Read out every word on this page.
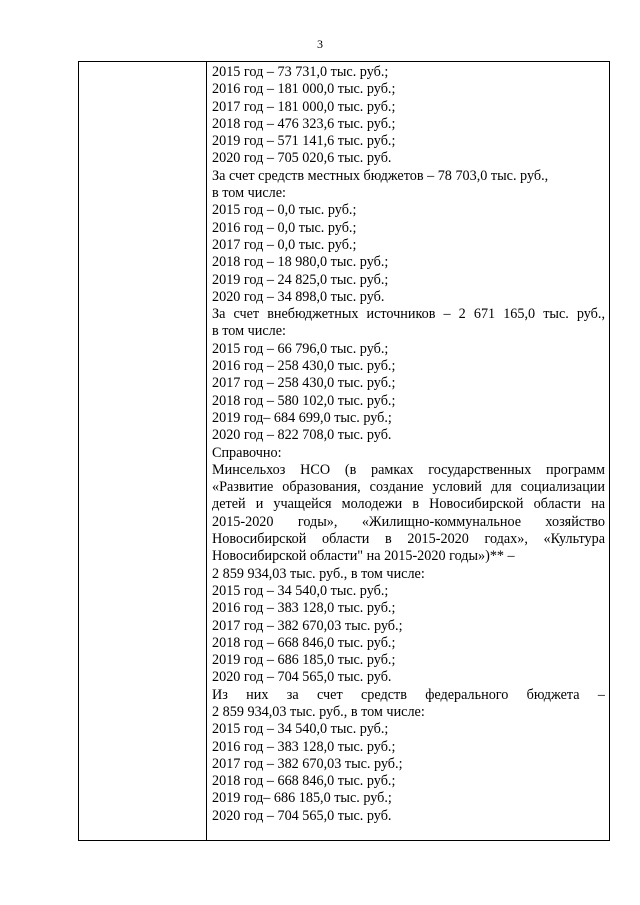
3
2015 год – 73 731,0 тыс. руб.;
2016 год – 181 000,0 тыс. руб.;
2017 год – 181 000,0 тыс. руб.;
2018 год – 476 323,6 тыс. руб.;
2019 год – 571 141,6 тыс. руб.;
2020 год – 705 020,6 тыс. руб.
За счет средств местных бюджетов – 78 703,0 тыс. руб.,
в том числе:
2015 год – 0,0 тыс. руб.;
2016 год – 0,0 тыс. руб.;
2017 год – 0,0 тыс. руб.;
2018 год – 18 980,0 тыс. руб.;
2019 год – 24 825,0 тыс. руб.;
2020 год – 34 898,0 тыс. руб.
За счет внебюджетных источников – 2 671 165,0 тыс. руб.,
в том числе:
2015 год – 66 796,0 тыс. руб.;
2016 год – 258 430,0 тыс. руб.;
2017 год – 258 430,0 тыс. руб.;
2018 год – 580 102,0 тыс. руб.;
2019 год– 684 699,0 тыс. руб.;
2020 год – 822 708,0 тыс. руб.
Справочно:
Минсельхоз НСО (в рамках государственных программ
«Развитие образования, создание условий для социализации
детей и учащейся молодежи в Новосибирской области на
2015-2020 годы», «Жилищно-коммунальное хозяйство
Новосибирской области в 2015-2020 годах», «Культура
Новосибирской области" на 2015-2020 годы»)** –
2 859 934,03 тыс. руб., в том числе:
2015 год – 34 540,0 тыс. руб.;
2016 год – 383 128,0 тыс. руб.;
2017 год – 382 670,03 тыс. руб.;
2018 год – 668 846,0 тыс. руб.;
2019 год – 686 185,0 тыс. руб.;
2020 год – 704 565,0 тыс. руб.
Из них за счет средств федерального бюджета –
2 859 934,03 тыс. руб., в том числе:
2015 год – 34 540,0 тыс. руб.;
2016 год – 383 128,0 тыс. руб.;
2017 год – 382 670,03 тыс. руб.;
2018 год – 668 846,0 тыс. руб.;
2019 год– 686 185,0 тыс. руб.;
2020 год – 704 565,0 тыс. руб.
